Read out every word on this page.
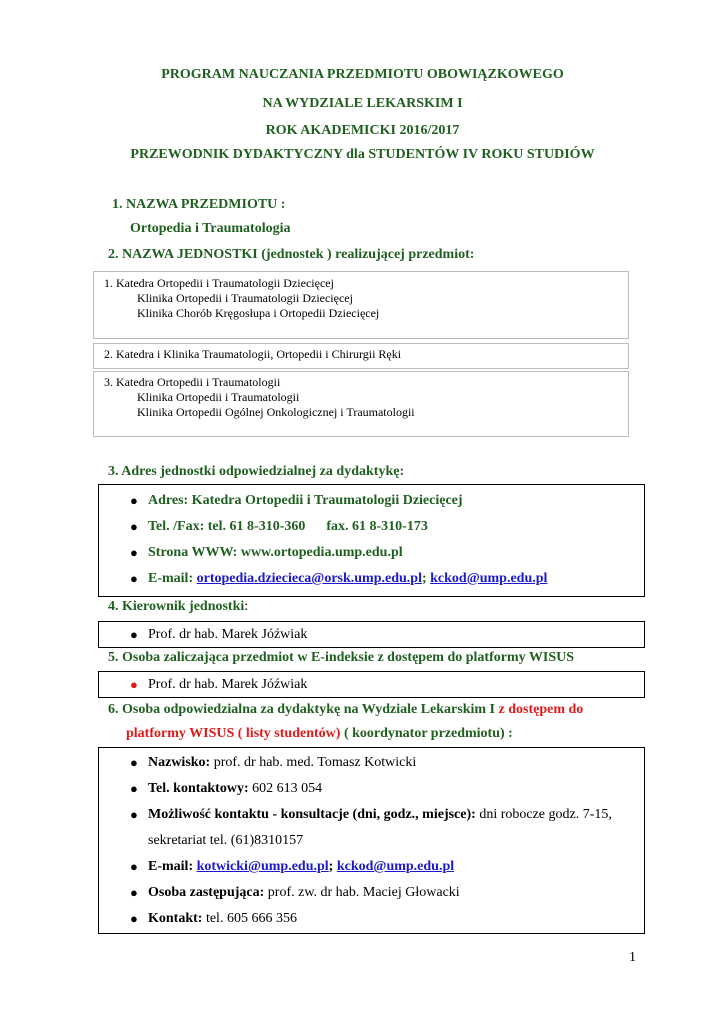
PROGRAM NAUCZANIA PRZEDMIOTU OBOWIĄZKOWEGO
NA WYDZIALE LEKARSKIM I
ROK AKADEMICKI 2016/2017
PRZEWODNIK DYDAKTYCZNY dla STUDENTÓW IV ROKU STUDIÓW
1. NAZWA PRZEDMIOTU :
Ortopedia i Traumatologia
2. NAZWA JEDNOSTKI (jednostek ) realizującej przedmiot:
1. Katedra Ortopedii i Traumatologii Dziecięcej
Klinika Ortopedii i Traumatologii Dziecięcej
Klinika Chorób Kręgosłupa i Ortopedii Dziecięcej
2. Katedra i Klinika Traumatologii, Ortopedii i Chirurgii Ręki
3. Katedra Ortopedii i Traumatologii
Klinika Ortopedii i Traumatologii
Klinika Ortopedii Ogólnej Onkologicznej i Traumatologii
3. Adres jednostki odpowiedzialnej za dydaktykę:
● Adres: Katedra Ortopedii i Traumatologii Dziecięcej
● Tel. /Fax: tel. 61 8-310-360      fax. 61 8-310-173
● Strona WWW: www.ortopedia.ump.edu.pl
● E-mail: ortopedia.dzieciecа@orsk.ump.edu.pl; kckod@ump.edu.pl
4. Kierownik jednostki:
● Prof. dr hab. Marek Jóźwiak
5. Osoba zaliczająca przedmiot w E-indeksie z dostępem do platformy WISUS
● Prof. dr hab. Marek Jóźwiak
6. Osoba odpowiedzialna za dydaktykę na Wydziale Lekarskim I z dostępem do
platformy WISUS ( listy studentów) ( koordynator przedmiotu) :
● Nazwisko: prof. dr hab. med. Tomasz Kotwicki
● Tel. kontaktowy: 602 613 054
● Możliwość kontaktu - konsultacje (dni, godz., miejsce): dni robocze godz. 7-15,
sekretariat tel. (61)8310157
● E-mail: kotwicki@ump.edu.pl; kckod@ump.edu.pl
● Osoba zastępująca: prof. zw. dr hab. Maciej Głowacki
● Kontakt: tel. 605 666 356
1
